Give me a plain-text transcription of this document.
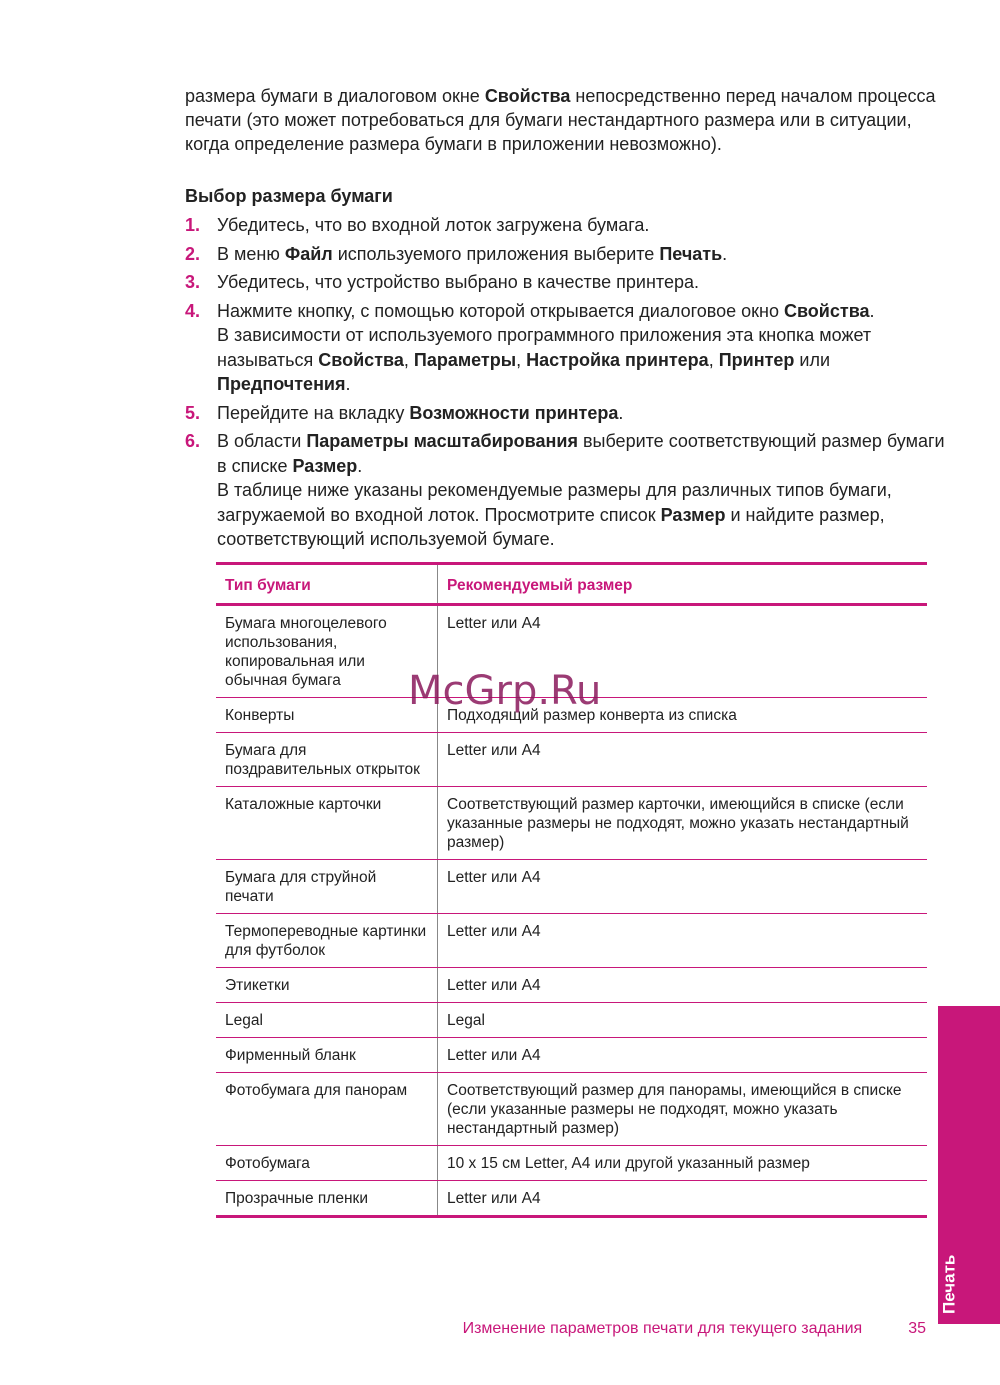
размера бумаги в диалоговом окне Свойства непосредственно перед началом процесса печати (это может потребоваться для бумаги нестандартного размера или в ситуации, когда определение размера бумаги в приложении невозможно).

Выбор размера бумаги
1. Убедитесь, что во входной лоток загружена бумага.
2. В меню Файл используемого приложения выберите Печать.
3. Убедитесь, что устройство выбрано в качестве принтера.
4. Нажмите кнопку, с помощью которой открывается диалоговое окно Свойства.
В зависимости от используемого программного приложения эта кнопка может называться Свойства, Параметры, Настройка принтера, Принтер или Предпочтения.
5. Перейдите на вкладку Возможности принтера.
6. В области Параметры масштабирования выберите соответствующий размер бумаги в списке Размер.
В таблице ниже указаны рекомендуемые размеры для различных типов бумаги, загружаемой во входной лоток. Просмотрите список Размер и найдите размер, соответствующий используемой бумаге.
Тип бумаги	Рекомендуемый размер
Бумага многоцелевого использования, копировальная или обычная бумага	Letter или A4
Конверты	Подходящий размер конверта из списка
Бумага для поздравительных открыток	Letter или A4
Каталожные карточки	Соответствующий размер карточки, имеющийся в списке (если указанные размеры не подходят, можно указать нестандартный размер)
Бумага для струйной печати	Letter или A4
Термопереводные картинки для футболок	Letter или A4
Этикетки	Letter или A4
Legal	Legal
Фирменный бланк	Letter или A4
Фотобумага для панорам	Соответствующий размер для панорамы, имеющийся в списке (если указанные размеры не подходят, можно указать нестандартный размер)
Фотобумага	10 x 15 см Letter, A4 или другой указанный размер
Прозрачные пленки	Letter или A4
McGrp.Ru
Печать
Изменение параметров печати для текущего задания	35
